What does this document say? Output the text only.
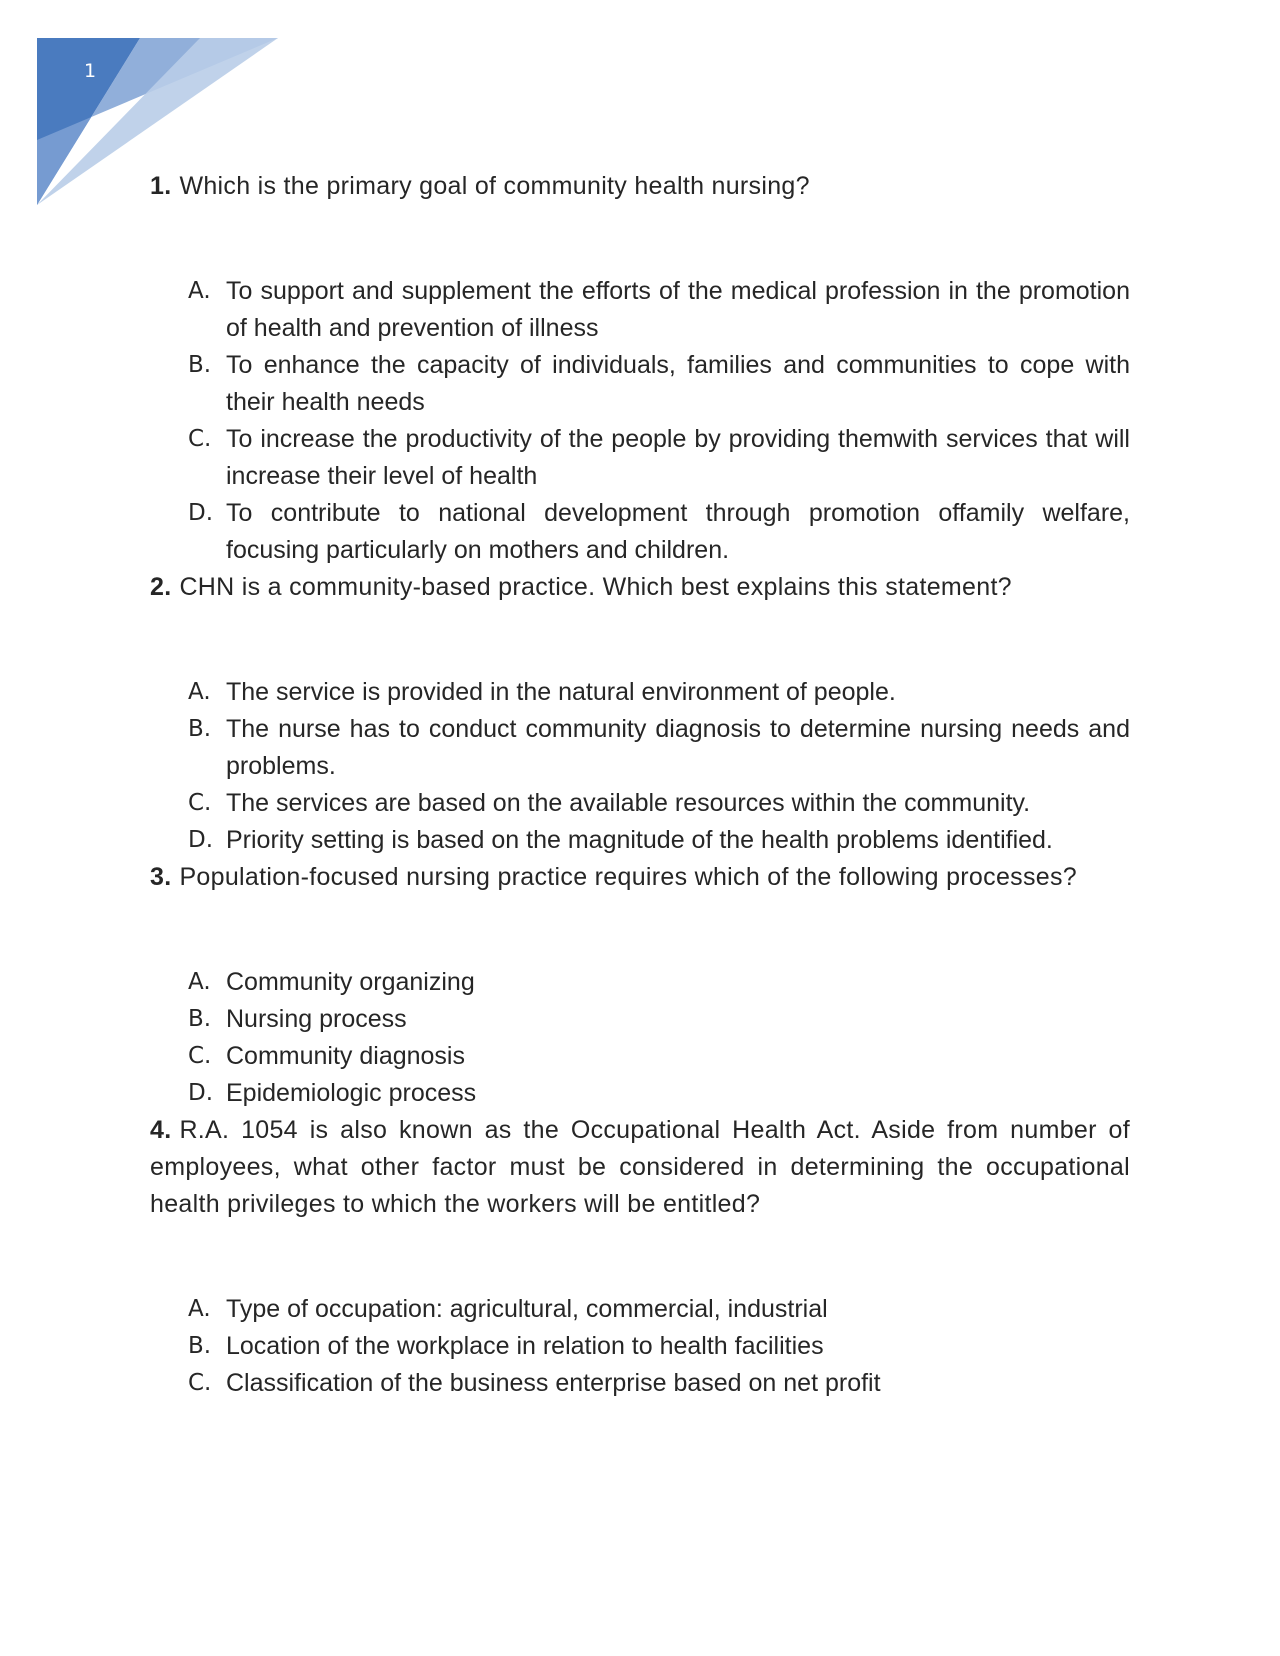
1
1. Which is the primary goal of community health nursing?
A. To support and supplement the efforts of the medical profession in the promotion of health and prevention of illness
B. To enhance the capacity of individuals, families and communities to cope with their health needs
C. To increase the productivity of the people by providing themwith services that will increase their level of health
D. To contribute to national development through promotion offamily welfare, focusing particularly on mothers and children.
2. CHN is a community-based practice. Which best explains this statement?
A. The service is provided in the natural environment of people.
B. The nurse has to conduct community diagnosis to determine nursing needs and problems.
C. The services are based on the available resources within the community.
D. Priority setting is based on the magnitude of the health problems identified.
3. Population-focused nursing practice requires which of the following processes?
A. Community organizing
B. Nursing process
C. Community diagnosis
D. Epidemiologic process
4. R.A. 1054 is also known as the Occupational Health Act. Aside from number of employees, what other factor must be considered in determining the occupational health privileges to which the workers will be entitled?
A. Type of occupation: agricultural, commercial, industrial
B. Location of the workplace in relation to health facilities
C. Classification of the business enterprise based on net profit
